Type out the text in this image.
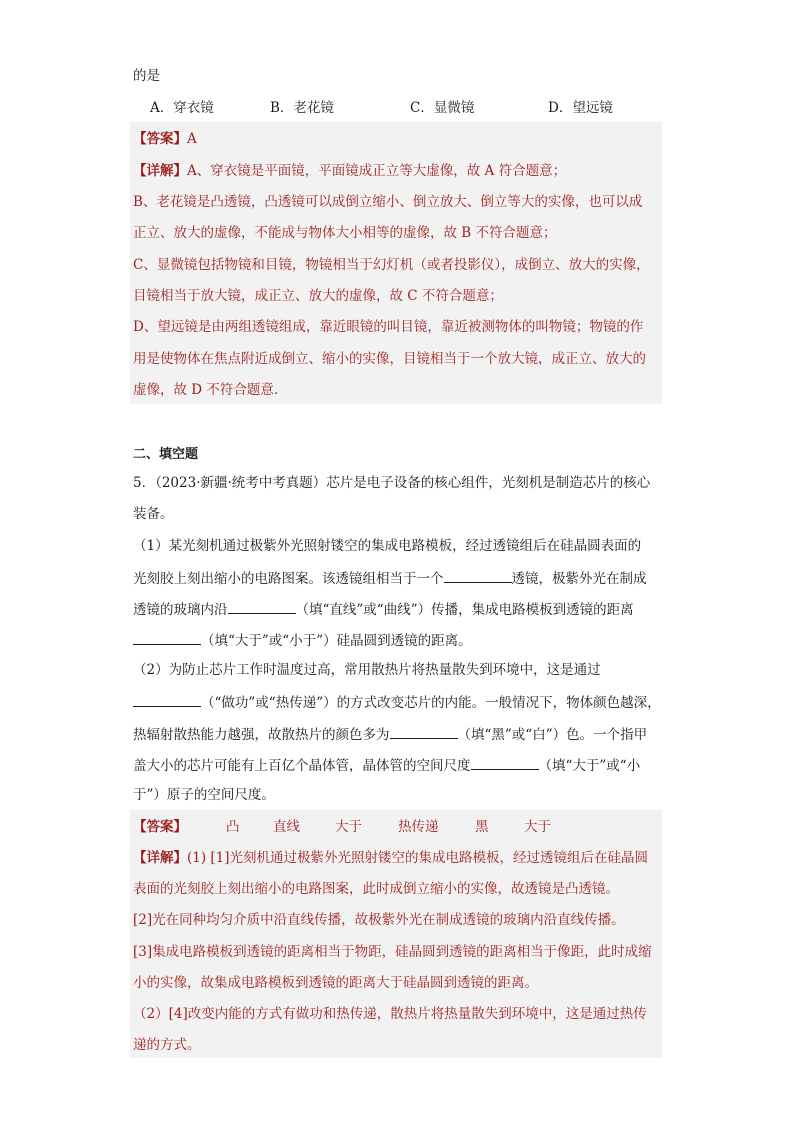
的是
A．穿衣镜	B．老花镜	C．显微镜	D．望远镜
【答案】A
【详解】A、穿衣镜是平面镜，平面镜成正立等大虚像，故 A 符合题意；
B、老花镜是凸透镜，凸透镜可以成倒立缩小、倒立放大、倒立等大的实像，也可以成
正立、放大的虚像，不能成与物体大小相等的虚像，故 B 不符合题意；
C、显微镜包括物镜和目镜，物镜相当于幻灯机（或者投影仪），成倒立、放大的实像，
目镜相当于放大镜，成正立、放大的虚像，故 C 不符合题意；
D、望远镜是由两组透镜组成，靠近眼镜的叫目镜，靠近被测物体的叫物镜；物镜的作
用是使物体在焦点附近成倒立、缩小的实像，目镜相当于一个放大镜，成正立、放大的
虚像，故 D 不符合题意．
二、填空题
5．（2023·新疆·统考中考真题）芯片是电子设备的核心组件，光刻机是制造芯片的核心
装备。
（1）某光刻机通过极紫外光照射镂空的集成电路模板，经过透镜组后在硅晶圆表面的
光刻胶上刻出缩小的电路图案。该透镜组相当于一个	透镜，极紫外光在制成
透镜的玻璃内沿	（填“直线”或“曲线”）传播，集成电路模板到透镜的距离
（填“大于”或“小于”）硅晶圆到透镜的距离。
（2）为防止芯片工作时温度过高，常用散热片将热量散失到环境中，这是通过
（“做功”或“热传递”）的方式改变芯片的内能。一般情况下，物体颜色越深，
热辐射散热能力越强，故散热片的颜色多为	（填“黑”或“白”）色。一个指甲
盖大小的芯片可能有上百亿个晶体管，晶体管的空间尺度	（填“大于”或“小
于”）原子的空间尺度。
【答案】	凸 直线	大于	热传递	黑	大于
【详解】(1) [1]光刻机通过极紫外光照射镂空的集成电路模板，经过透镜组后在硅晶圆
表面的光刻胶上刻出缩小的电路图案，此时成倒立缩小的实像，故透镜是凸透镜。
[2]光在同种均匀介质中沿直线传播，故极紫外光在制成透镜的玻璃内沿直线传播。
[3]集成电路模板到透镜的距离相当于物距，硅晶圆到透镜的距离相当于像距，此时成缩
小的实像，故集成电路模板到透镜的距离大于硅晶圆到透镜的距离。
（2）[4]改变内能的方式有做功和热传递，散热片将热量散失到环境中，这是通过热传
递的方式。
